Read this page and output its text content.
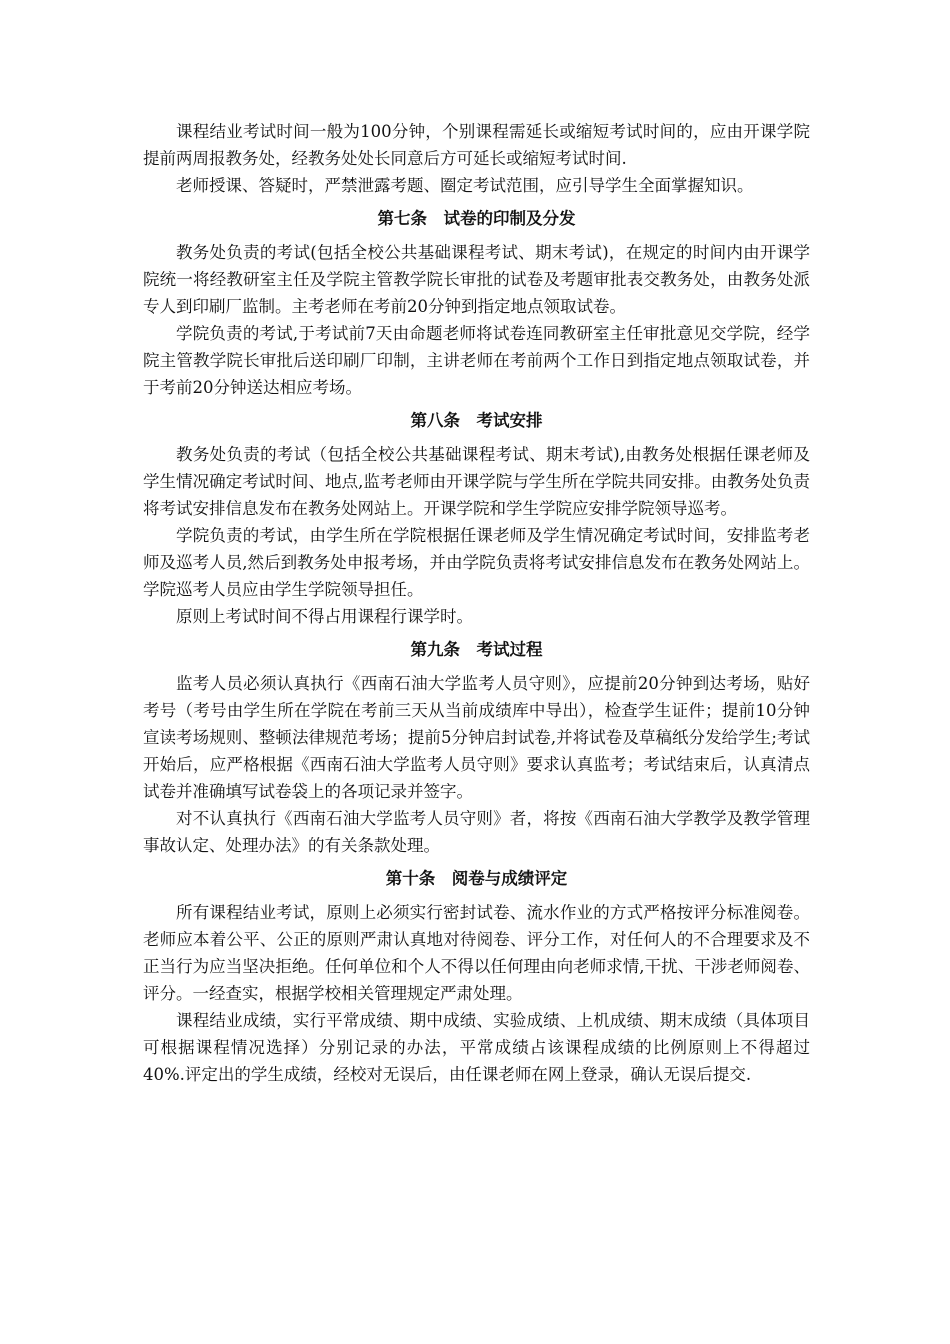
课程结业考试时间一般为100分钟，个别课程需延长或缩短考试时间的，应由开课学院提前两周报教务处，经教务处处长同意后方可延长或缩短考试时间.

老师授课、答疑时，严禁泄露考题、圈定考试范围，应引导学生全面掌握知识。

第七条　试卷的印制及分发

教务处负责的考试(包括全校公共基础课程考试、期末考试)，在规定的时间内由开课学院统一将经教研室主任及学院主管教学院长审批的试卷及考题审批表交教务处，由教务处派专人到印刷厂监制。主考老师在考前20分钟到指定地点领取试卷。

学院负责的考试,于考试前7天由命题老师将试卷连同教研室主任审批意见交学院，经学院主管教学院长审批后送印刷厂印制，主讲老师在考前两个工作日到指定地点领取试卷，并于考前20分钟送达相应考场。

第八条　考试安排

教务处负责的考试（包括全校公共基础课程考试、期末考试),由教务处根据任课老师及学生情况确定考试时间、地点,监考老师由开课学院与学生所在学院共同安排。由教务处负责将考试安排信息发布在教务处网站上。开课学院和学生学院应安排学院领导巡考。

学院负责的考试，由学生所在学院根据任课老师及学生情况确定考试时间，安排监考老师及巡考人员,然后到教务处申报考场，并由学院负责将考试安排信息发布在教务处网站上。学院巡考人员应由学生学院领导担任。

原则上考试时间不得占用课程行课学时。

第九条　考试过程

监考人员必须认真执行《西南石油大学监考人员守则》，应提前20分钟到达考场，贴好考号（考号由学生所在学院在考前三天从当前成绩库中导出），检查学生证件；提前10分钟宣读考场规则、整顿法律规范考场；提前5分钟启封试卷,并将试卷及草稿纸分发给学生;考试开始后，应严格根据《西南石油大学监考人员守则》要求认真监考；考试结束后，认真清点试卷并准确填写试卷袋上的各项记录并签字。

对不认真执行《西南石油大学监考人员守则》者，将按《西南石油大学教学及教学管理事故认定、处理办法》的有关条款处理。

第十条　阅卷与成绩评定

所有课程结业考试，原则上必须实行密封试卷、流水作业的方式严格按评分标准阅卷。老师应本着公平、公正的原则严肃认真地对待阅卷、评分工作，对任何人的不合理要求及不正当行为应当坚决拒绝。任何单位和个人不得以任何理由向老师求情,干扰、干涉老师阅卷、评分。一经查实，根据学校相关管理规定严肃处理。

课程结业成绩，实行平常成绩、期中成绩、实验成绩、上机成绩、期末成绩（具体项目可根据课程情况选择）分别记录的办法，平常成绩占该课程成绩的比例原则上不得超过40%.评定出的学生成绩，经校对无误后，由任课老师在网上登录，确认无误后提交.
